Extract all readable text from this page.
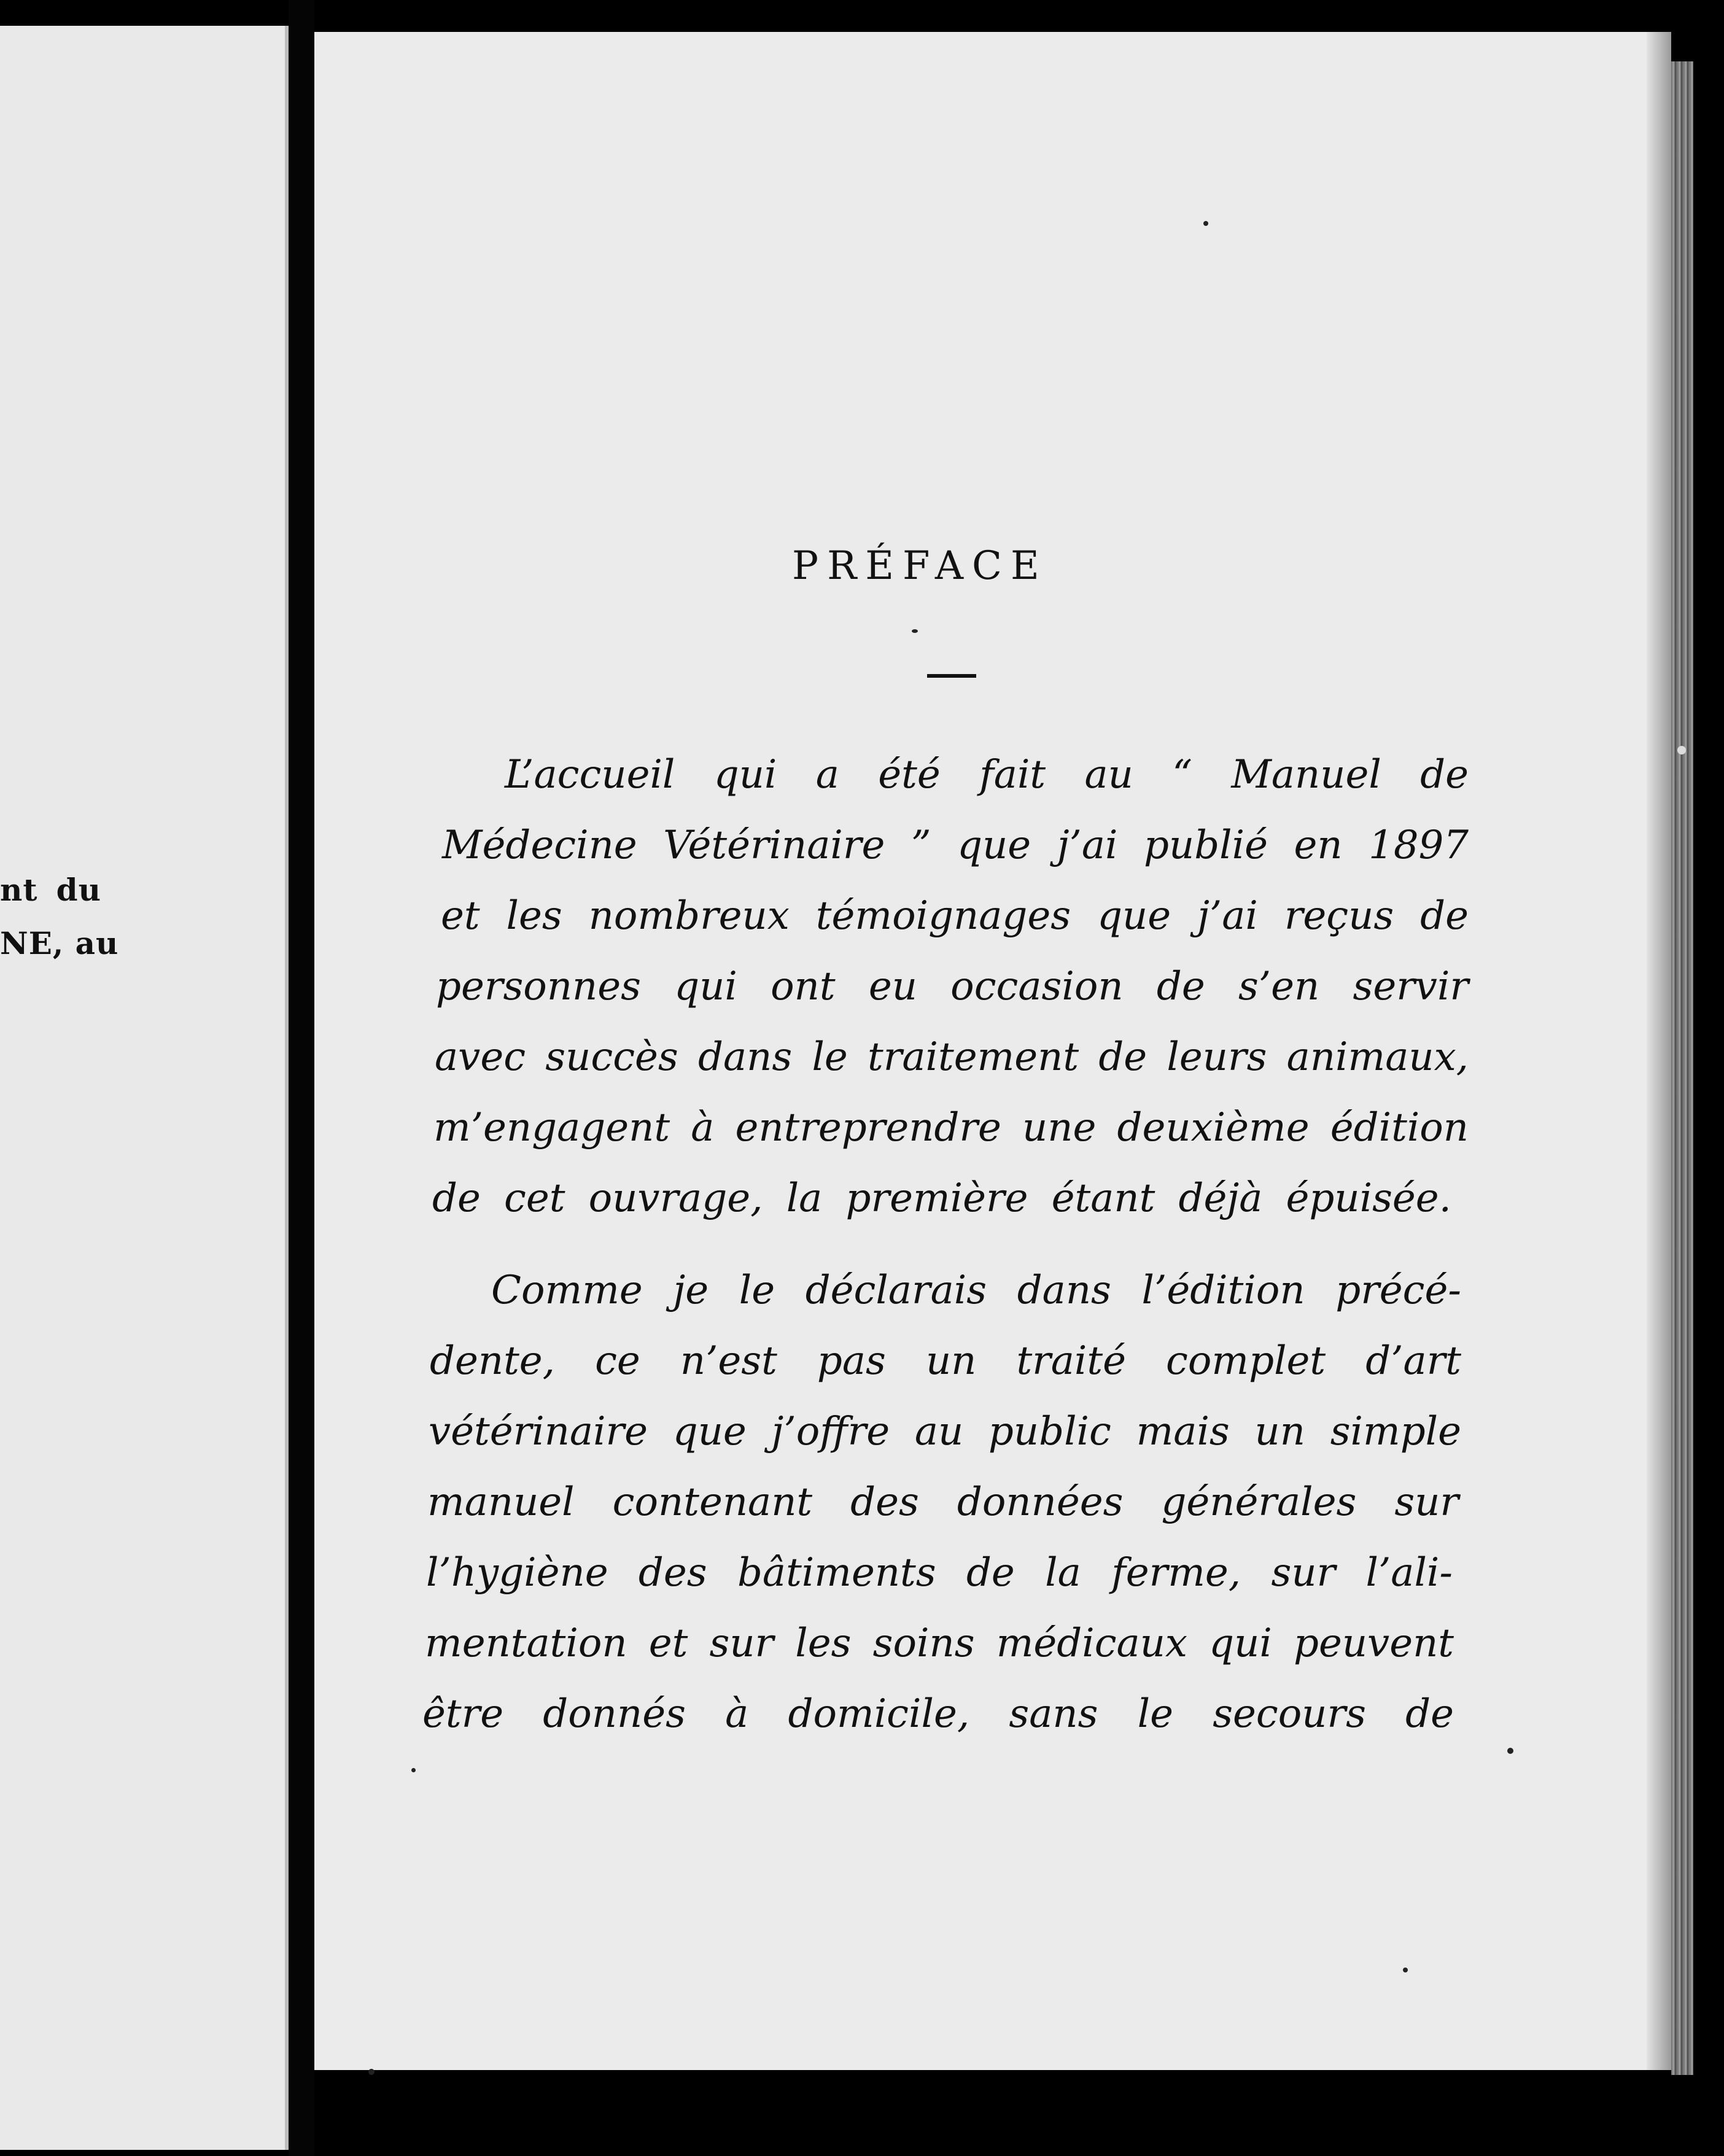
nt du
NE, au
PRÉFACE
L’accueil qui a été fait au “ Manuel de
Médecine Vétérinaire ” que j’ai publié en 1897
et les nombreux témoignages que j’ai reçus de
personnes qui ont eu occasion de s’en servir
avec succès dans le traitement de leurs animaux,
m’engagent à entreprendre une deuxième édition
de cet ouvrage, la première étant déjà épuisée.
Comme je le déclarais dans l’édition précé-
dente, ce n’est pas un traité complet d’art
vétérinaire que j’offre au public mais un simple
manuel contenant des données générales sur
l’hygiène des bâtiments de la ferme, sur l’ali-
mentation et sur les soins médicaux qui peuvent
être donnés à domicile, sans le secours de
